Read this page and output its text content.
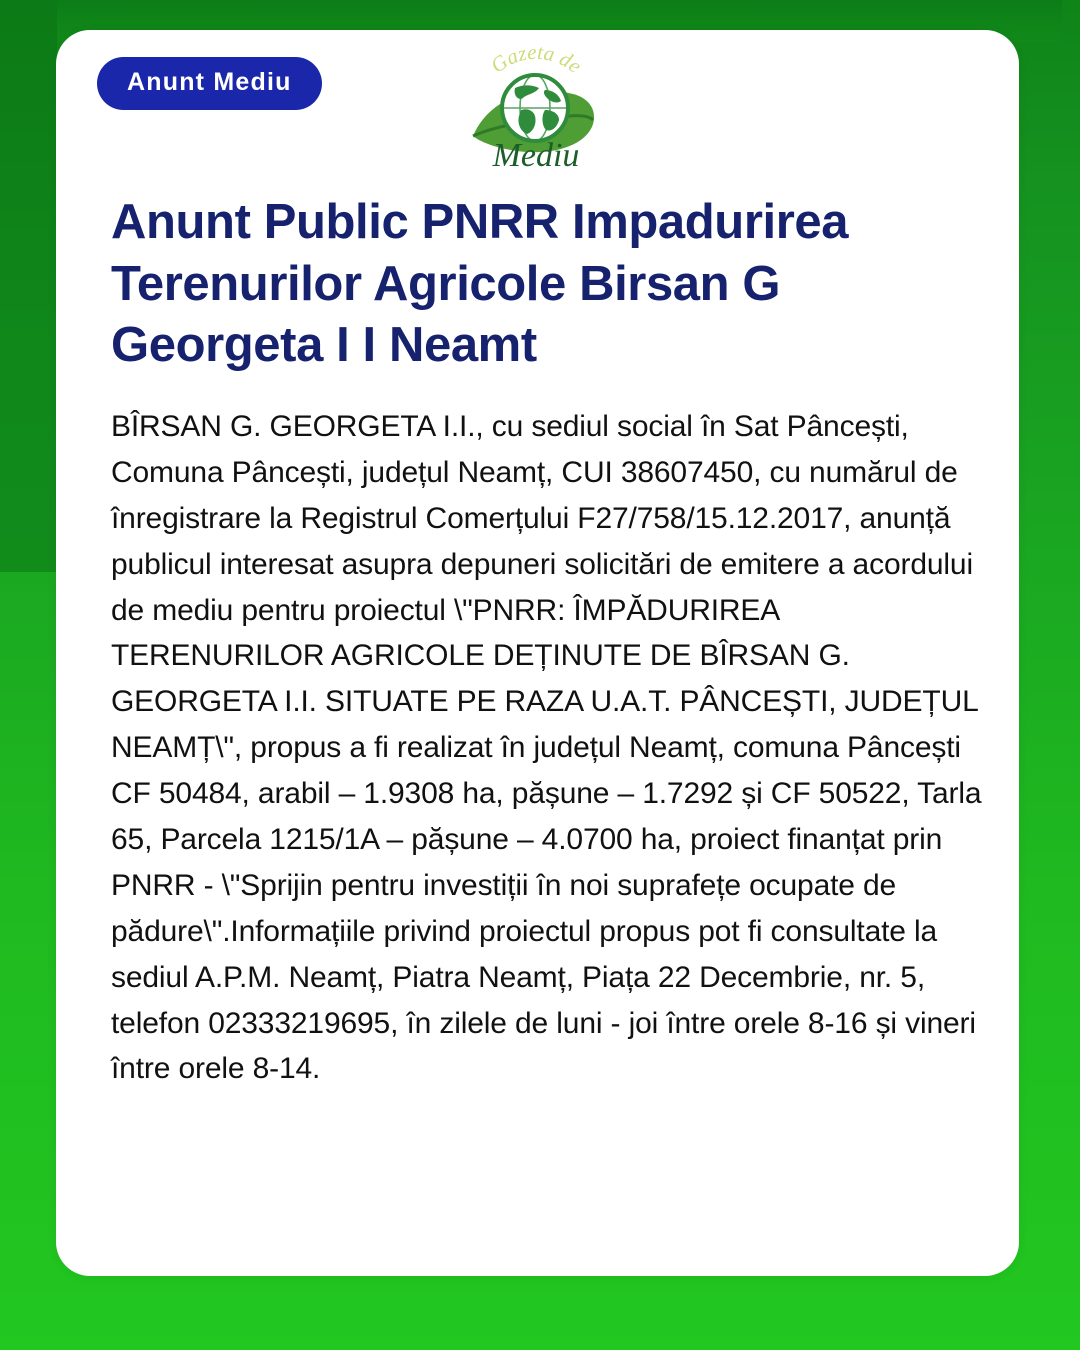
Anunt Mediu
Gazeta de
Mediu
Anunt Public PNRR Impadurirea Terenurilor Agricole Birsan G Georgeta I I Neamt
BÎRSAN G. GEORGETA I.I., cu sediul social în Sat Pâncești, Comuna Pâncești, județul Neamț, CUI 38607450, cu numărul de înregistrare la Registrul Comerțului F27/758/15.12.2017, anunță publicul interesat asupra depuneri solicitări de emitere a acordului de mediu pentru proiectul \"PNRR: ÎMPĂDURIREA TERENURILOR AGRICOLE DEȚINUTE DE BÎRSAN G. GEORGETA I.I. SITUATE PE RAZA U.A.T. PÂNCEȘTI, JUDEȚUL NEAMȚ\", propus a fi realizat în județul Neamț, comuna Pâncești CF 50484, arabil – 1.9308 ha, pășune – 1.7292 și CF 50522, Tarla 65, Parcela 1215/1A – pășune – 4.0700 ha, proiect finanțat prin PNRR - \"Sprijin pentru investiții în noi suprafețe ocupate de pădure\".Informațiile privind proiectul propus pot fi consultate la sediul A.P.M. Neamț, Piatra Neamț, Piața 22 Decembrie, nr. 5, telefon 02333219695, în zilele de luni - joi între orele 8-16 și vineri între orele 8-14.
